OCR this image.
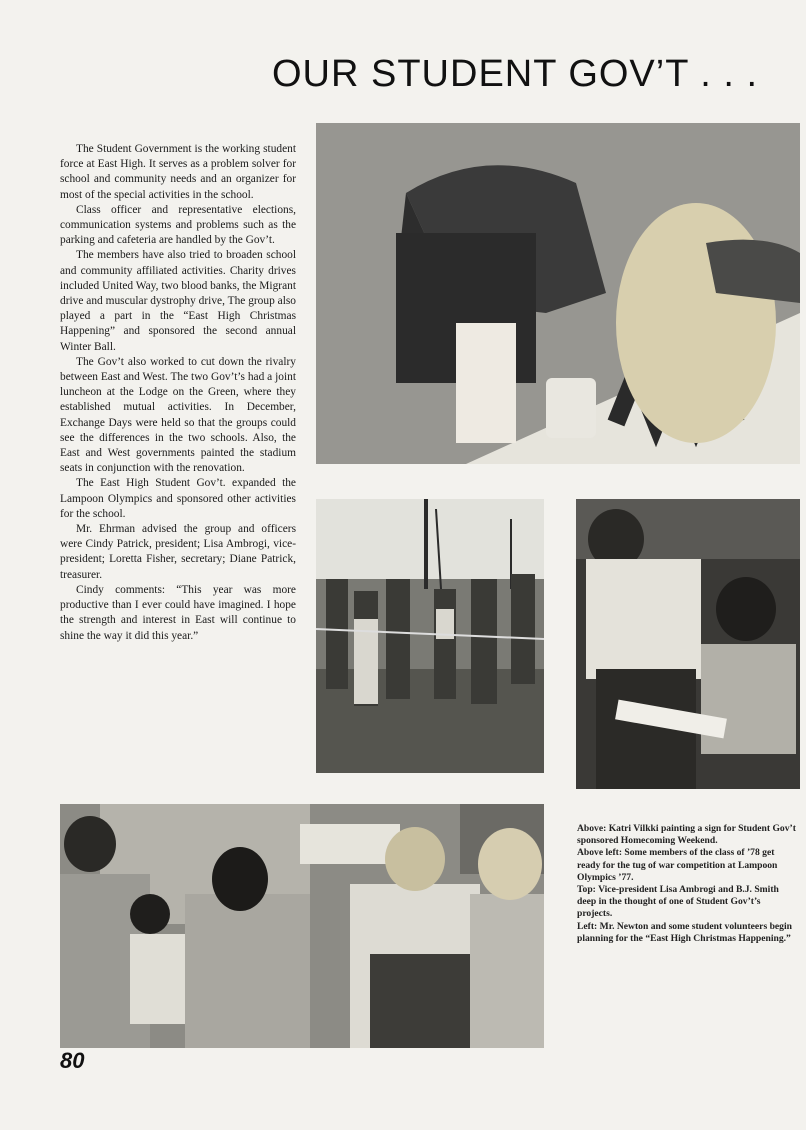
OUR STUDENT GOV’T . . .

The Student Government is the working student force at East High. It serves as a problem solver for school and community needs and an organizer for most of the special activities in the school.

Class officer and representative elections, communication systems and problems such as the parking and cafeteria are handled by the Gov’t.

The members have also tried to broaden school and community affiliated activities. Charity drives included United Way, two blood banks, the Migrant drive and muscular dystrophy drive, The group also played a part in the “East High Christmas Happening” and sponsored the second annual Winter Ball.

The Gov’t also worked to cut down the rivalry between East and West. The two Gov’t’s had a joint luncheon at the Lodge on the Green, where they established mutual activities. In December, Exchange Days were held so that the groups could see the differences in the two schools. Also, the East and West governments painted the stadium seats in conjunction with the renovation.

The East High Student Gov’t. expanded the Lampoon Olympics and sponsored other activities for the school.

Mr. Ehrman advised the group and officers were Cindy Patrick, president; Lisa Ambrogi, vice-president; Loretta Fisher, secretary; Diane Patrick, treasurer.

Cindy comments: “This year was more productive than I ever could have imagined. I hope the strength and interest in East will continue to shine the way it did this year.”

Above: Katri Vilkki painting a sign for Student Gov’t sponsored Homecoming Weekend.
Above left: Some members of the class of ’78 get ready for the tug of war competition at Lampoon Olympics ’77.
Top: Vice-president Lisa Ambrogi and B.J. Smith deep in the thought of one of Student Gov’t’s projects.
Left: Mr. Newton and some student volunteers begin planning for the “East High Christmas Happening.”
80
